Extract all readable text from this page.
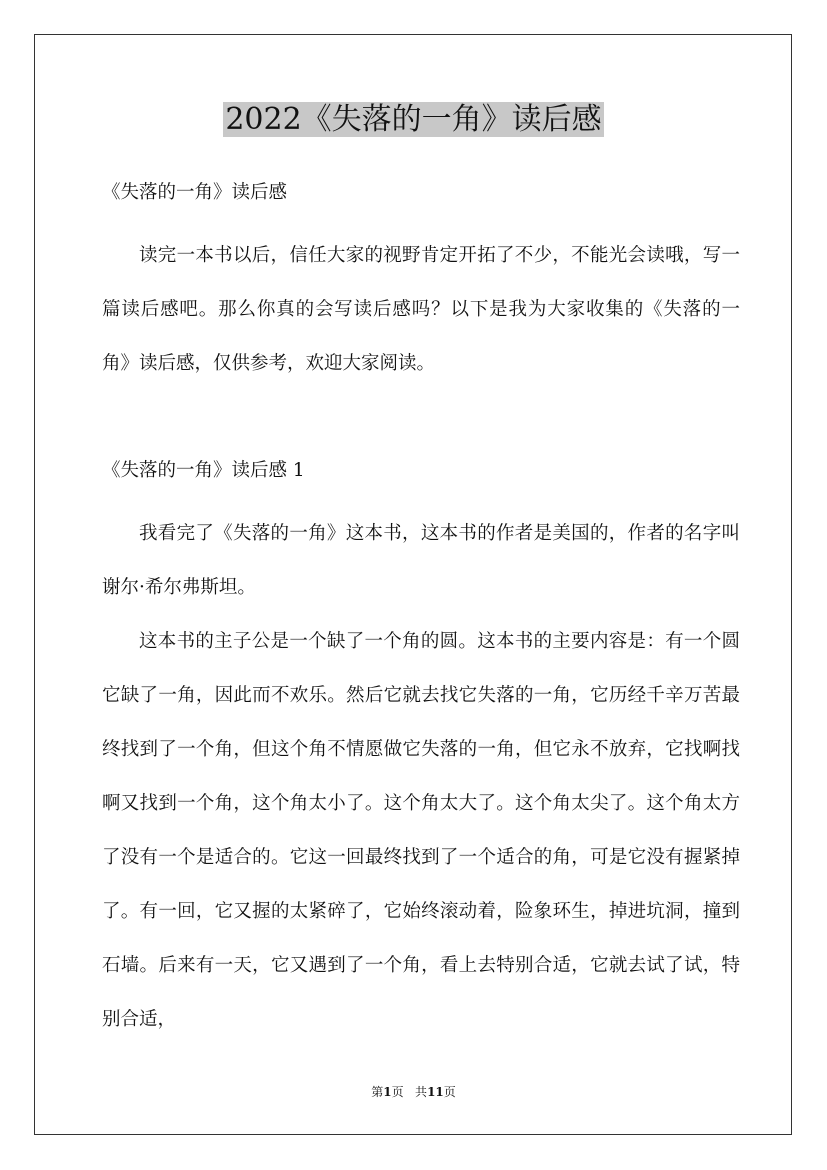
2022《失落的一角》读后感

《失落的一角》读后感

读完一本书以后，信任大家的视野肯定开拓了不少，不能光会读哦，写一篇读后感吧。那么你真的会写读后感吗？以下是我为大家收集的《失落的一角》读后感，仅供参考，欢迎大家阅读。

《失落的一角》读后感 1

我看完了《失落的一角》这本书，这本书的作者是美国的，作者的名字叫谢尔·希尔弗斯坦。

这本书的主子公是一个缺了一个角的圆。这本书的主要内容是：有一个圆它缺了一角，因此而不欢乐。然后它就去找它失落的一角，它历经千辛万苦最终找到了一个角，但这个角不情愿做它失落的一角，但它永不放弃，它找啊找啊又找到一个角，这个角太小了。这个角太大了。这个角太尖了。这个角太方了没有一个是适合的。它这一回最终找到了一个适合的角，可是它没有握紧掉了。有一回，它又握的太紧碎了，它始终滚动着，险象环生，掉进坑洞，撞到石墙。后来有一天，它又遇到了一个角，看上去特别合适，它就去试了试，特别合适，

第1页 共11页
